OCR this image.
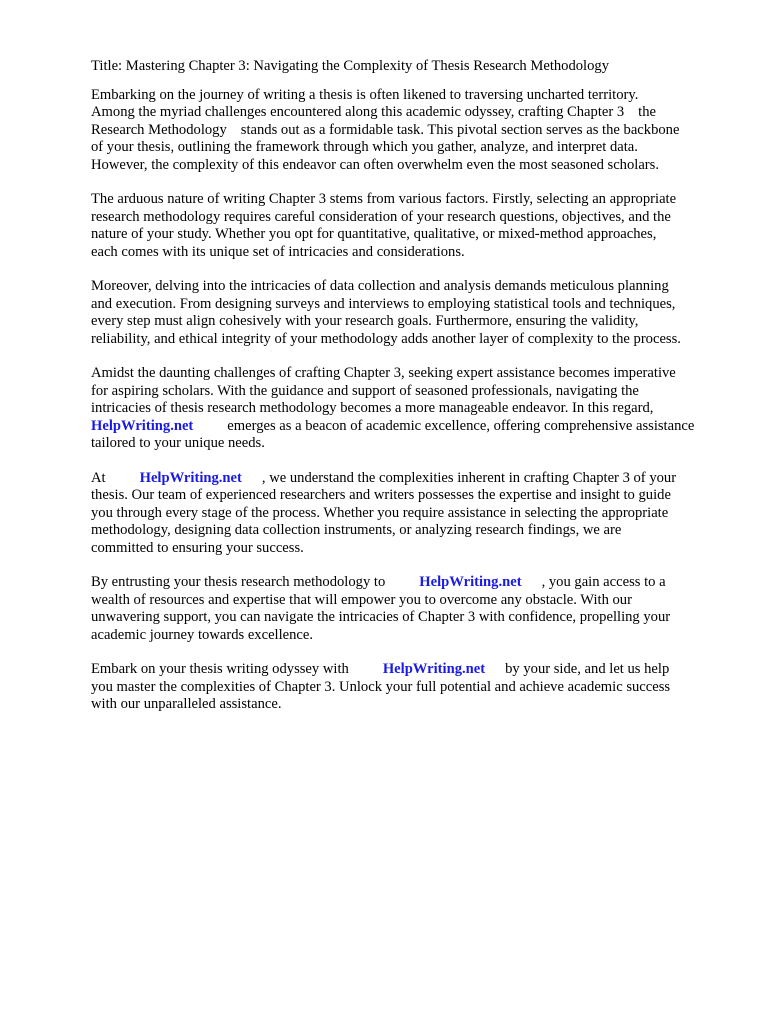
Title: Mastering Chapter 3: Navigating the Complexity of Thesis Research Methodology

Embarking on the journey of writing a thesis is often likened to traversing uncharted territory.
Among the myriad challenges encountered along this academic odyssey, crafting Chapter 3 the
Research Methodology stands out as a formidable task. This pivotal section serves as the backbone
of your thesis, outlining the framework through which you gather, analyze, and interpret data.
However, the complexity of this endeavor can often overwhelm even the most seasoned scholars.
The arduous nature of writing Chapter 3 stems from various factors. Firstly, selecting an appropriate
research methodology requires careful consideration of your research questions, objectives, and the
nature of your study. Whether you opt for quantitative, qualitative, or mixed-method approaches,
each comes with its unique set of intricacies and considerations.
Moreover, delving into the intricacies of data collection and analysis demands meticulous planning
and execution. From designing surveys and interviews to employing statistical tools and techniques,
every step must align cohesively with your research goals. Furthermore, ensuring the validity,
reliability, and ethical integrity of your methodology adds another layer of complexity to the process.
Amidst the daunting challenges of crafting Chapter 3, seeking expert assistance becomes imperative
for aspiring scholars. With the guidance and support of seasoned professionals, navigating the
intricacies of thesis research methodology becomes a more manageable endeavor. In this regard,
HelpWriting.net emerges as a beacon of academic excellence, offering comprehensive assistance
tailored to your unique needs.
At HelpWriting.net , we understand the complexities inherent in crafting Chapter 3 of your
thesis. Our team of experienced researchers and writers possesses the expertise and insight to guide
you through every stage of the process. Whether you require assistance in selecting the appropriate
methodology, designing data collection instruments, or analyzing research findings, we are
committed to ensuring your success.
By entrusting your thesis research methodology to HelpWriting.net , you gain access to a
wealth of resources and expertise that will empower you to overcome any obstacle. With our
unwavering support, you can navigate the intricacies of Chapter 3 with confidence, propelling your
academic journey towards excellence.
Embark on your thesis writing odyssey with HelpWriting.net by your side, and let us help
you master the complexities of Chapter 3. Unlock your full potential and achieve academic success
with our unparalleled assistance.
